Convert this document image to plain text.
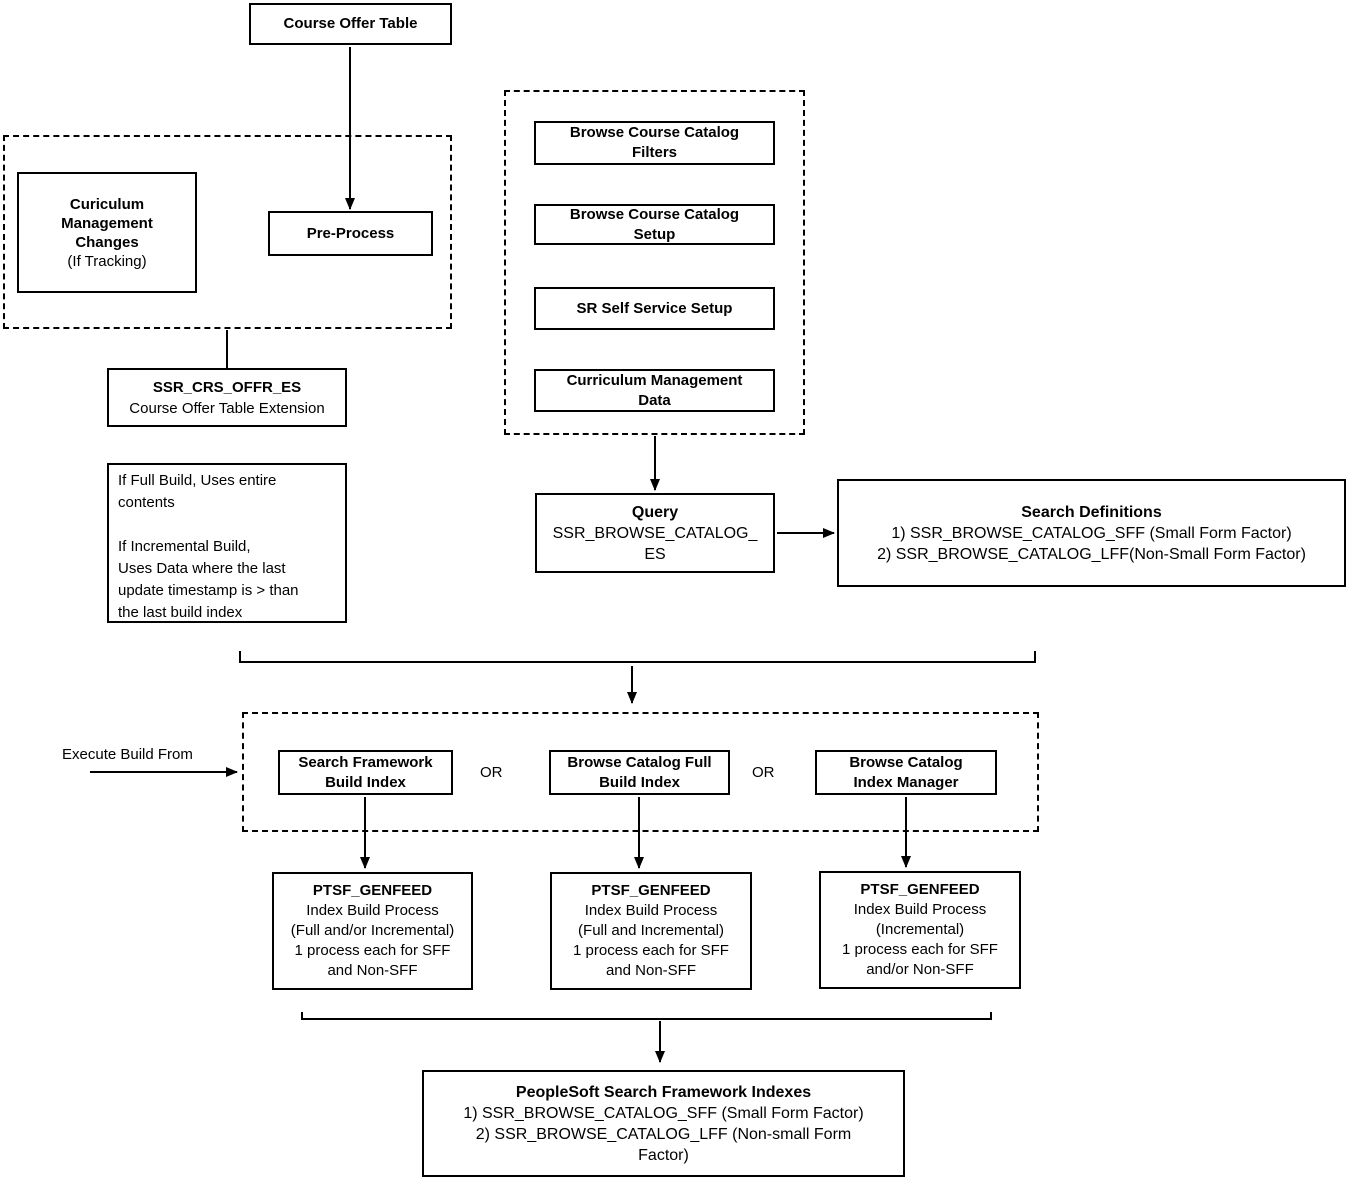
Course Offer Table
Curiculum
Management
Changes
(If Tracking)
Pre-Process
SSR_CRS_OFFR_ES
Course Offer Table Extension
If Full Build, Uses entire
contents

If Incremental Build,
Uses Data where the last
update timestamp is > than
the last build index
Browse Course Catalog
Filters
Browse Course Catalog
Setup
SR Self Service Setup
Curriculum Management
Data
Query
SSR_BROWSE_CATALOG_
ES
Search Definitions
1) SSR_BROWSE_CATALOG_SFF (Small Form Factor)
2) SSR_BROWSE_CATALOG_LFF(Non-Small Form Factor)
Execute Build From	Search Framework
Build Index
OR
Browse Catalog Full
Build Index
OR
Browse Catalog
Index Manager
PTSF_GENFEED
Index Build Process
(Full and/or Incremental)
1 process each for SFF
and Non-SFF
PTSF_GENFEED
Index Build Process
(Full and Incremental)
1 process each for SFF
and Non-SFF
PTSF_GENFEED
Index Build Process
(Incremental)
1 process each for SFF
and/or Non-SFF
PeopleSoft Search Framework Indexes
1) SSR_BROWSE_CATALOG_SFF (Small Form Factor)
2) SSR_BROWSE_CATALOG_LFF (Non-small Form
Factor)
